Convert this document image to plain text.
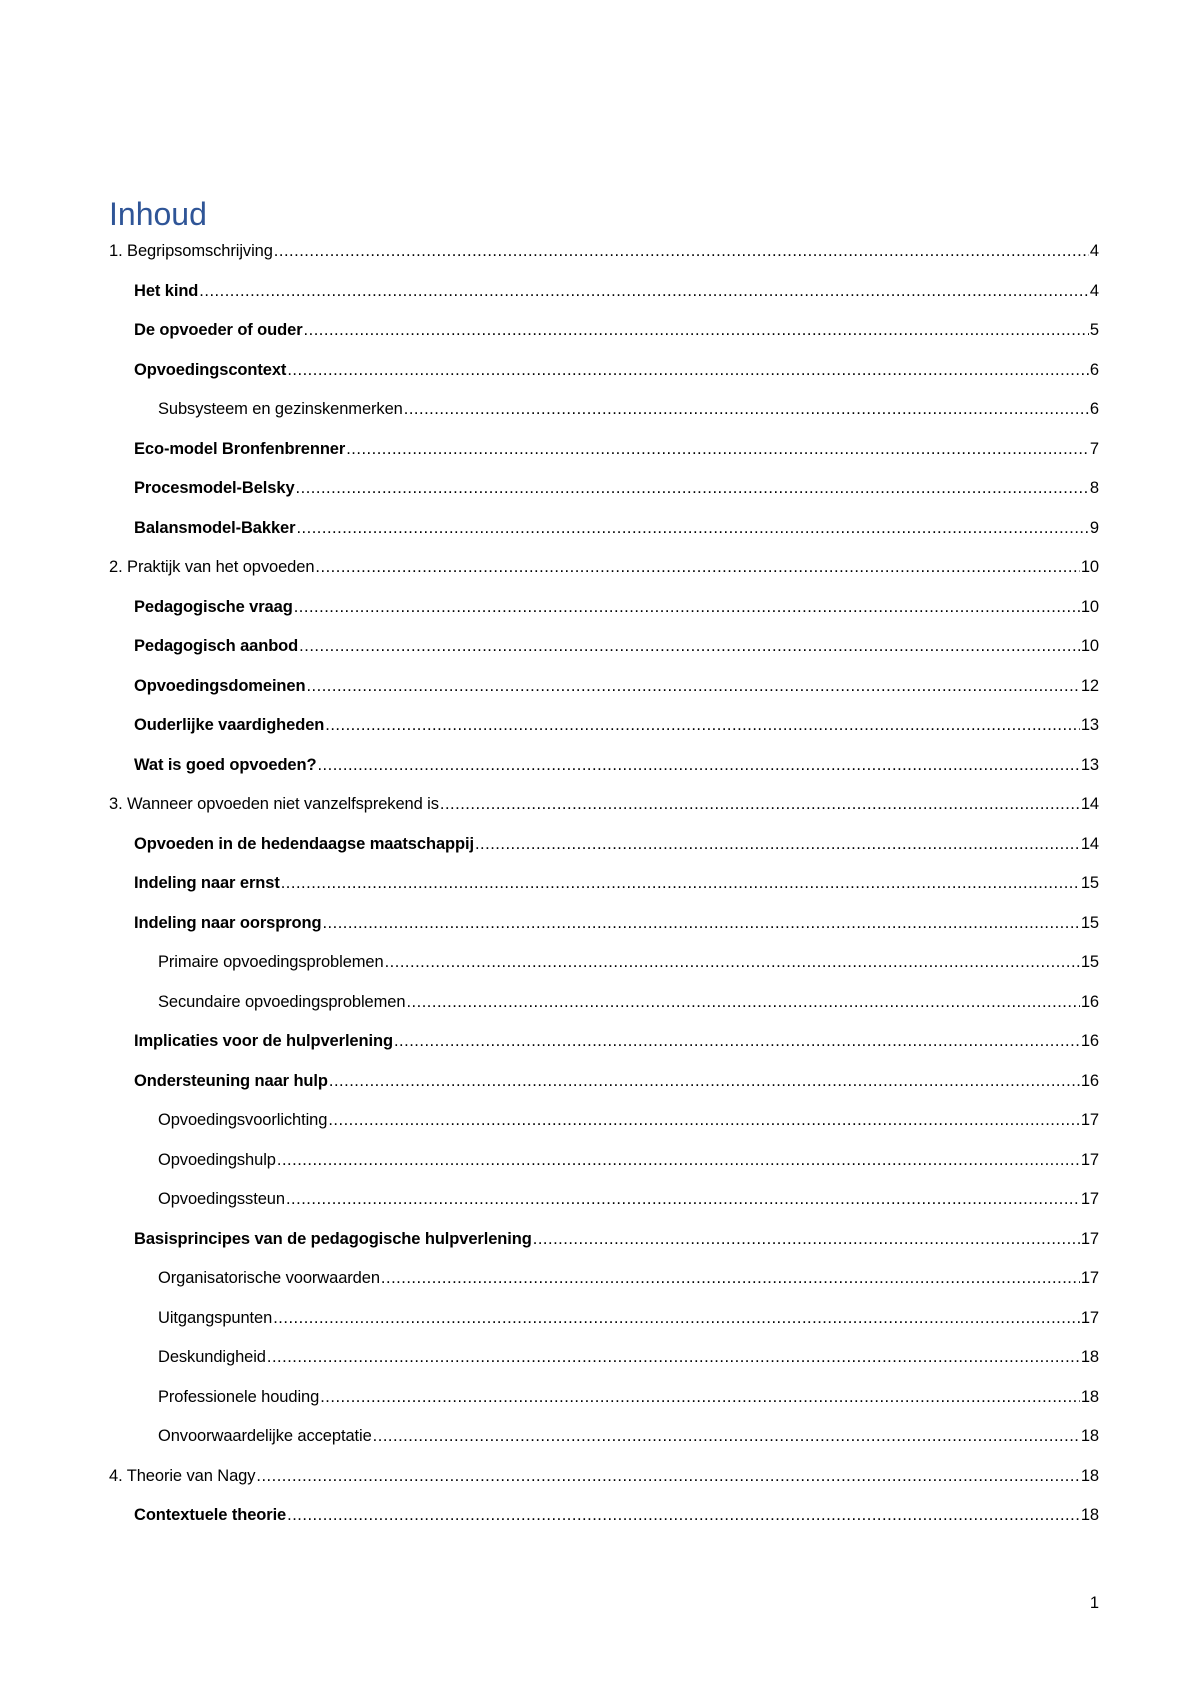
Inhoud
1. Begripsomschrijving .....	4
Het kind .....	4
De opvoeder of ouder .....	5
Opvoedingscontext .....	6
Subsysteem en gezinskenmerken .....	6
Eco-model Bronfenbrenner .....	7
Procesmodel-Belsky .....	8
Balansmodel-Bakker .....	9
2. Praktijk van het opvoeden .....	10
Pedagogische vraag .....	10
Pedagogisch aanbod .....	10
Opvoedingsdomeinen .....	12
Ouderlijke vaardigheden .....	13
Wat is goed opvoeden? .....	13
3. Wanneer opvoeden niet vanzelfsprekend is .....	14
Opvoeden in de hedendaagse maatschappij .....	14
Indeling naar ernst .....	15
Indeling naar oorsprong .....	15
Primaire opvoedingsproblemen .....	15
Secundaire opvoedingsproblemen .....	16
Implicaties voor de hulpverlening .....	16
Ondersteuning naar hulp .....	16
Opvoedingsvoorlichting .....	17
Opvoedingshulp .....	17
Opvoedingssteun .....	17
Basisprincipes van de pedagogische hulpverlening .....	17
Organisatorische voorwaarden .....	17
Uitgangspunten .....	17
Deskundigheid .....	18
Professionele houding .....	18
Onvoorwaardelijke acceptatie .....	18
4. Theorie van Nagy .....	18
Contextuele theorie .....	18
1
